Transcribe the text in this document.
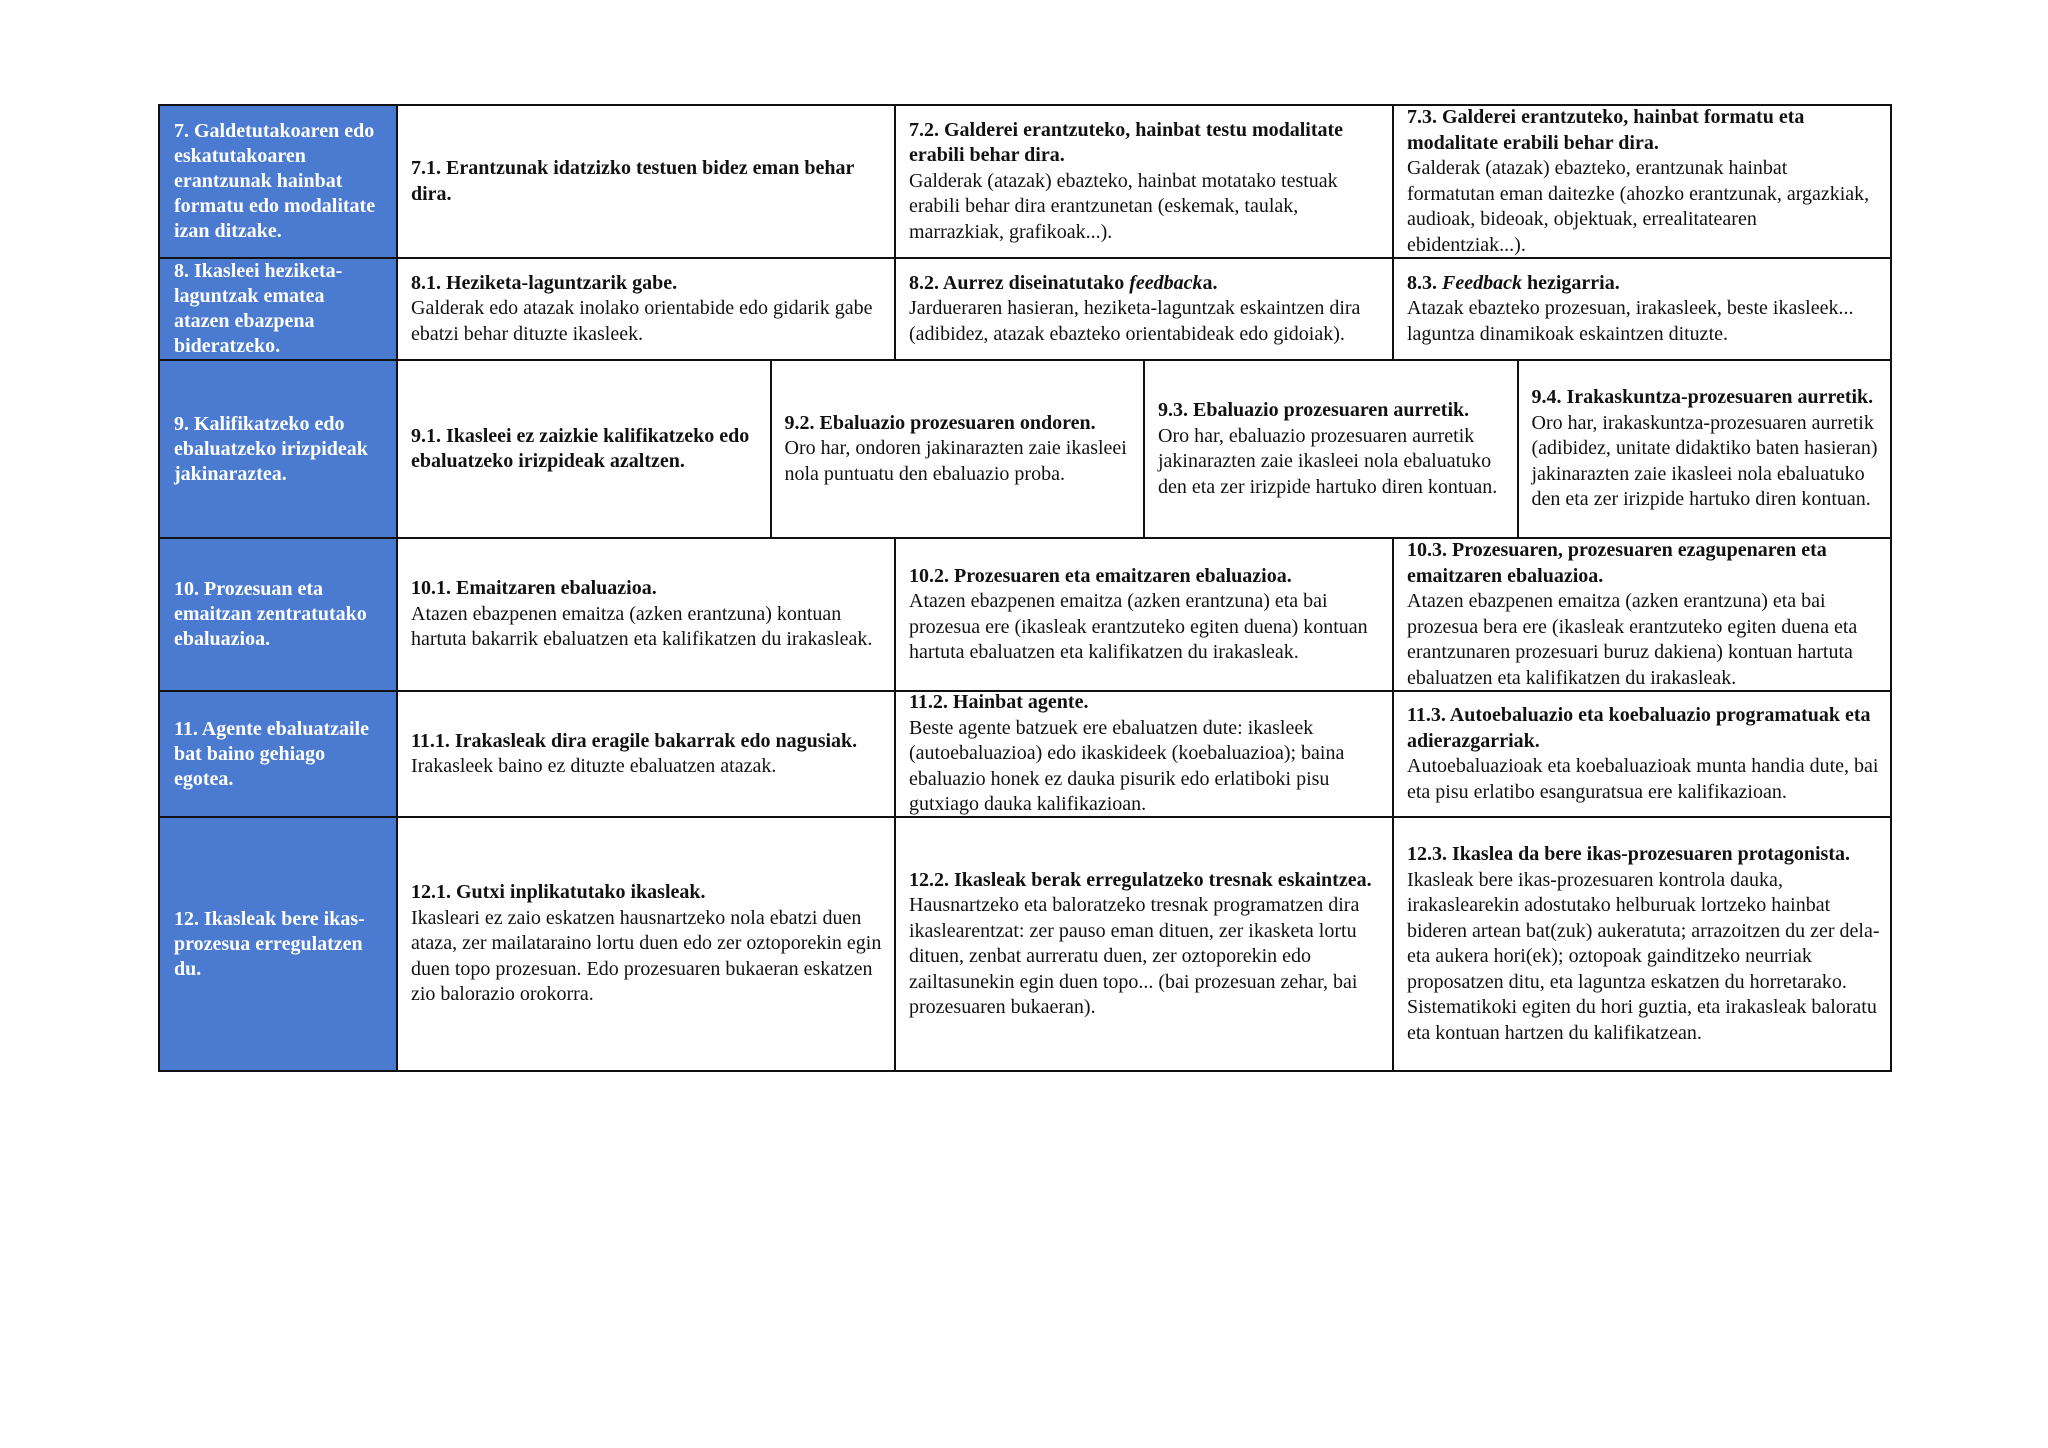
7. Galdetutakoaren edo eskatutakoaren erantzunak hainbat formatu edo modalitate izan ditzake.
7.1. Erantzunak idatzizko testuen bidez eman behar dira.
7.2. Galderei erantzuteko, hainbat testu modalitate erabili behar dira.
Galderak (atazak) ebazteko, hainbat motatako testuak erabili behar dira erantzunetan (eskemak, taulak, marrazkiak, grafikoak...).
7.3. Galderei erantzuteko, hainbat formatu eta modalitate erabili behar dira.
Galderak (atazak) ebazteko, erantzunak hainbat formatutan eman daitezke (ahozko erantzunak, argazkiak, audioak, bideoak, objektuak, errealitatearen ebidentziak...).
8. Ikasleei heziketa-laguntzak ematea atazen ebazpena bideratzeko.
8.1. Heziketa-laguntzarik gabe.
Galderak edo atazak inolako orientabide edo gidarik gabe ebatzi behar dituzte ikasleek.
8.2. Aurrez diseinatutako feedbacka.
Jardueraren hasieran, heziketa-laguntzak eskaintzen dira (adibidez, atazak ebazteko orientabideak edo gidoiak).
8.3. Feedback hezigarria.
Atazak ebazteko prozesuan, irakasleek, beste ikasleek... laguntza dinamikoak eskaintzen dituzte.
9. Kalifikatzeko edo ebaluatzeko irizpideak jakinaraztea.
9.1. Ikasleei ez zaizkie kalifikatzeko edo ebaluatzeko irizpideak azaltzen.
9.2. Ebaluazio prozesuaren ondoren.
Oro har, ondoren jakinarazten zaie ikasleei nola puntuatu den ebaluazio proba.
9.3. Ebaluazio prozesuaren aurretik.
Oro har, ebaluazio prozesuaren aurretik jakinarazten zaie ikasleei nola ebaluatuko den eta zer irizpide hartuko diren kontuan.
9.4. Irakaskuntza-prozesuaren aurretik.
Oro har, irakaskuntza-prozesuaren aurretik (adibidez, unitate didaktiko baten hasieran) jakinarazten zaie ikasleei nola ebaluatuko den eta zer irizpide hartuko diren kontuan.
10. Prozesuan eta emaitzan zentratutako ebaluazioa.
10.1. Emaitzaren ebaluazioa.
Atazen ebazpenen emaitza (azken erantzuna) kontuan hartuta bakarrik ebaluatzen eta kalifikatzen du irakasleak.
10.2. Prozesuaren eta emaitzaren ebaluazioa.
Atazen ebazpenen emaitza (azken erantzuna) eta bai prozesua ere (ikasleak erantzuteko egiten duena) kontuan hartuta ebaluatzen eta kalifikatzen du irakasleak.
10.3. Prozesuaren, prozesuaren ezagupenaren eta emaitzaren ebaluazioa.
Atazen ebazpenen emaitza (azken erantzuna) eta bai prozesua bera ere (ikasleak erantzuteko egiten duena eta erantzunaren prozesuari buruz dakiena) kontuan hartuta ebaluatzen eta kalifikatzen du irakasleak.
11. Agente ebaluatzaile bat baino gehiago egotea.
11.1. Irakasleak dira eragile bakarrak edo nagusiak.
Irakasleek baino ez dituzte ebaluatzen atazak.
11.2. Hainbat agente.
Beste agente batzuek ere ebaluatzen dute: ikasleek (autoebaluazioa) edo ikaskideek (koebaluazioa); baina ebaluazio honek ez dauka pisurik edo erlatiboki pisu gutxiago dauka kalifikazioan.
11.3. Autoebaluazio eta koebaluazio programatuak eta adierazgarriak.
Autoebaluazioak eta koebaluazioak munta handia dute, bai eta pisu erlatibo esanguratsua ere kalifikazioan.
12. Ikasleak bere ikas-prozesua erregulatzen du.
12.1. Gutxi inplikatutako ikasleak.
Ikasleari ez zaio eskatzen hausnartzeko nola ebatzi duen ataza, zer mailataraino lortu duen edo zer oztoporekin egin duen topo prozesuan. Edo prozesuaren bukaeran eskatzen zio balorazio orokorra.
12.2. Ikasleak berak erregulatzeko tresnak eskaintzea.
Hausnartzeko eta baloratzeko tresnak programatzen dira ikaslearentzat: zer pauso eman dituen, zer ikasketa lortu dituen, zenbat aurreratu duen, zer oztoporekin edo zailtasunekin egin duen topo... (bai prozesuan zehar, bai prozesuaren bukaeran).
12.3. Ikaslea da bere ikas-prozesuaren protagonista.
Ikasleak bere ikas-prozesuaren kontrola dauka, irakaslearekin adostutako helburuak lortzeko hainbat bideren artean bat(zuk) aukeratuta; arrazoitzen du zer dela-eta aukera hori(ek); oztopoak gainditzeko neurriak proposatzen ditu, eta laguntza eskatzen du horretarako. Sistematikoki egiten du hori guztia, eta irakasleak baloratu eta kontuan hartzen du kalifikatzean.
